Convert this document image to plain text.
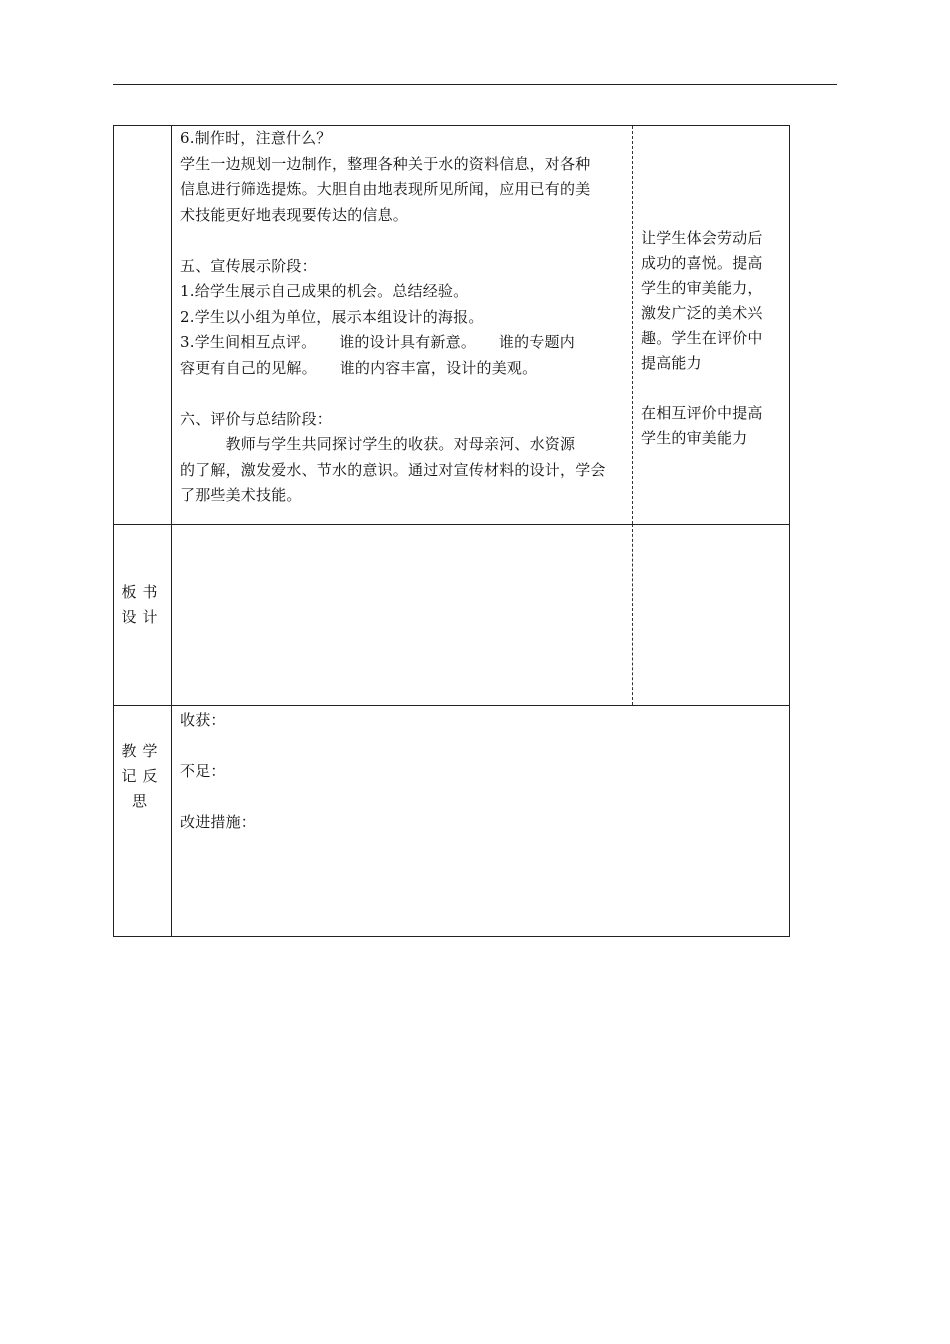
6.制作时，注意什么？
学生一边规划一边制作，整理各种关于水的资料信息，对各种
信息进行筛选提炼。大胆自由地表现所见所闻，应用已有的美
术技能更好地表现要传达的信息。
五、宣传展示阶段：
1.给学生展示自己成果的机会。总结经验。
2.学生以小组为单位，展示本组设计的海报。
3.学生间相互点评。　　谁的设计具有新意。　　谁的专题内
容更有自己的见解。　　谁的内容丰富，设计的美观。
六、评价与总结阶段：
　　　教师与学生共同探讨学生的收获。对母亲河、水资源
的了解，激发爱水、节水的意识。通过对宣传材料的设计，学会
了那些美术技能。
让学生体会劳动后
成功的喜悦。提高
学生的审美能力，
激发广泛的美术兴
趣。学生在评价中
提高能力
在相互评价中提高
学生的审美能力
板书
设计
教学
记反
思
收获：
不足：
改进措施：
